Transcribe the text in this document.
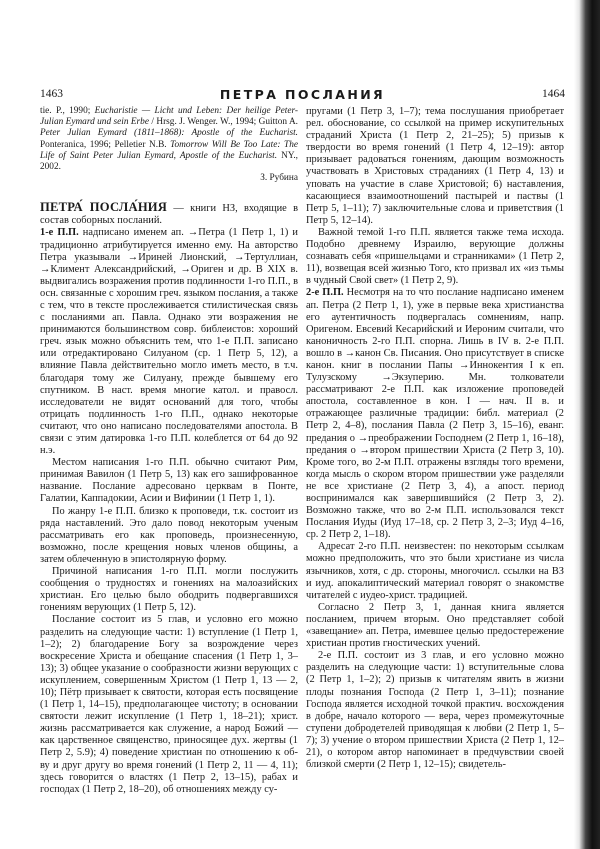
1463	ПЕТРА ПОСЛАНИЯ	1464
tie. P., 1990; Eucharistie — Licht und Leben: Der heilige Peter-Julian Eymard und sein Erbe / Hrsg. J. Wenger. W., 1994; Guitton A. Peter Julian Eymard (1811–1868): Apostle of the Eucharist. Ponteranica, 1996; Pelletier N.B. Tomorrow Will Be Too Late: The Life of Saint Peter Julian Eymard, Apostle of the Eucharist. NY., 2002.
З. Рубина

ПЕТРА́ ПОСЛА́НИЯ — книги НЗ, входящие в состав соборных посланий.

1-е П.П. надписано именем ап. →Петра (1 Петр 1, 1) и традиционно атрибутируется именно ему. На авторство Петра указывали →Ириней Лионский, →Тертуллиан, →Климент Александрийский, →Ориген и др. В XIX в. выдвигались возражения против подлинности 1-го П.П., в осн. связанные с хорошим греч. языком послания, а также с тем, что в тексте прослеживается стилистическая связь с посланиями ап. Павла. Однако эти возражения не принимаются большинством совр. библеистов: хороший греч. язык можно объяснить тем, что 1-е П.П. записано или отредактировано Силуаном (ср. 1 Петр 5, 12), а влияние Павла действительно могло иметь место, в т.ч. благодаря тому же Силуану, прежде бывшему его спутником. В наст. время многие катол. и правосл. исследователи не видят оснований для того, чтобы отрицать подлинность 1-го П.П., однако некоторые считают, что оно написано последователями апостола. В связи с этим датировка 1-го П.П. колеблется от 64 до 92 н.э.

Местом написания 1-го П.П. обычно считают Рим, принимая Вавилон (1 Петр 5, 13) как его зашифрованное название. Послание адресовано церквам в Понте, Галатии, Каппадокии, Асии и Вифинии (1 Петр 1, 1).

По жанру 1-е П.П. близко к проповеди, т.к. состоит из ряда наставлений. Это дало повод некоторым ученым рассматривать его как проповедь, произнесенную, возможно, после крещения новых членов общины, а затем облеченную в эпистолярную форму.

Причиной написания 1-го П.П. могли послужить сообщения о трудностях и гонениях на малоазийских христиан. Его целью было ободрить подвергавшихся гонениям верующих (1 Петр 5, 12).

Послание состоит из 5 глав, и условно его можно разделить на следующие части: 1) вступление (1 Петр 1, 1–2); 2) благодарение Богу за возрождение через воскресение Христа и обещание спасения (1 Петр 1, 3–13); 3) общее указание о сообразности жизни верующих с искуплением, совершенным Христом (1 Петр 1, 13 — 2, 10); Пётр призывает к святости, которая есть посвящение (1 Петр 1, 14–15), предполагающее чистоту; в основании святости лежит искупление (1 Петр 1, 18–21); христ. жизнь рассматривается как служение, а народ Божий — как царственное священство, приносящее дух. жертвы (1 Петр 2, 5.9); 4) поведение христиан по отношению к об-ву и друг другу во время гонений (1 Петр 2, 11 — 4, 11); здесь говорится о властях (1 Петр 2, 13–15), рабах и господах (1 Петр 2, 18–20), об отношениях между су-

пругами (1 Петр 3, 1–7); тема послушания приобретает рел. обоснование, со ссылкой на пример искупительных страданий Христа (1 Петр 2, 21–25); 5) призыв к твердости во время гонений (1 Петр 4, 12–19): автор призывает радоваться гонениям, дающим возможность участвовать в Христовых страданиях (1 Петр 4, 13) и уповать на участие в славе Христовой; 6) наставления, касающиеся взаимоотношений пастырей и паствы (1 Петр 5, 1–11); 7) заключительные слова и приветствия (1 Петр 5, 12–14).

Важной темой 1-го П.П. является также тема исхода. Подобно древнему Израилю, верующие должны сознавать себя «пришельцами и странниками» (1 Петр 2, 11), возвещая всей жизнью Того, кто призвал их «из тьмы в чудный Свой свет» (1 Петр 2, 9).

2-е П.П. Несмотря на то что послание надписано именем ап. Петра (2 Петр 1, 1), уже в первые века христианства его аутентичность подвергалась сомнениям, напр. Оригеном. Евсевий Кесарийский и Иероним считали, что каноничность 2-го П.П. спорна. Лишь в IV в. 2-е П.П. вошло в →канон Св. Писания. Оно присутствует в списке канон. книг в послании Папы →Иннокентия I к еп. Тулузскому →Экзуперию. Мн. толкователи рассматривают 2-е П.П. как изложение проповедей апостола, составленное в кон. I — нач. II в. и отражающее различные традиции: библ. материал (2 Петр 2, 4–8), послания Павла (2 Петр 3, 15–16), еванг. предания о →преображении Господнем (2 Петр 1, 16–18), предания о →втором пришествии Христа (2 Петр 3, 10). Кроме того, во 2-м П.П. отражены взгляды того времени, когда мысль о скором втором пришествии уже разделяли не все христиане (2 Петр 3, 4), а апост. период воспринимался как завершившийся (2 Петр 3, 2). Возможно также, что во 2-м П.П. использовался текст Послания Иуды (Иуд 17–18, ср. 2 Петр 3, 2–3; Иуд 4–16, ср. 2 Петр 2, 1–18).

Адресат 2-го П.П. неизвестен: по некоторым ссылкам можно предположить, что это были христиане из числа язычников, хотя, с др. стороны, многочисл. ссылки на ВЗ и иуд. апокалиптический материал говорят о знакомстве читателей с иудео-христ. традицией.

Согласно 2 Петр 3, 1, данная книга является посланием, причем вторым. Оно представляет собой «завещание» ап. Петра, имевшее целью предостережение христиан против гностических учений.

2-е П.П. состоит из 3 глав, и его условно можно разделить на следующие части: 1) вступительные слова (2 Петр 1, 1–2); 2) призыв к читателям явить в жизни плоды познания Господа (2 Петр 1, 3–11); познание Господа является исходной точкой практич. восхождения в добре, начало которого — вера, через промежуточные ступени добродетелей приводящая к любви (2 Петр 1, 5–7); 3) учение о втором пришествии Христа (2 Петр 1, 12–21), о котором автор напоминает в предчувствии своей близкой смерти (2 Петр 1, 12–15); свидетель-
